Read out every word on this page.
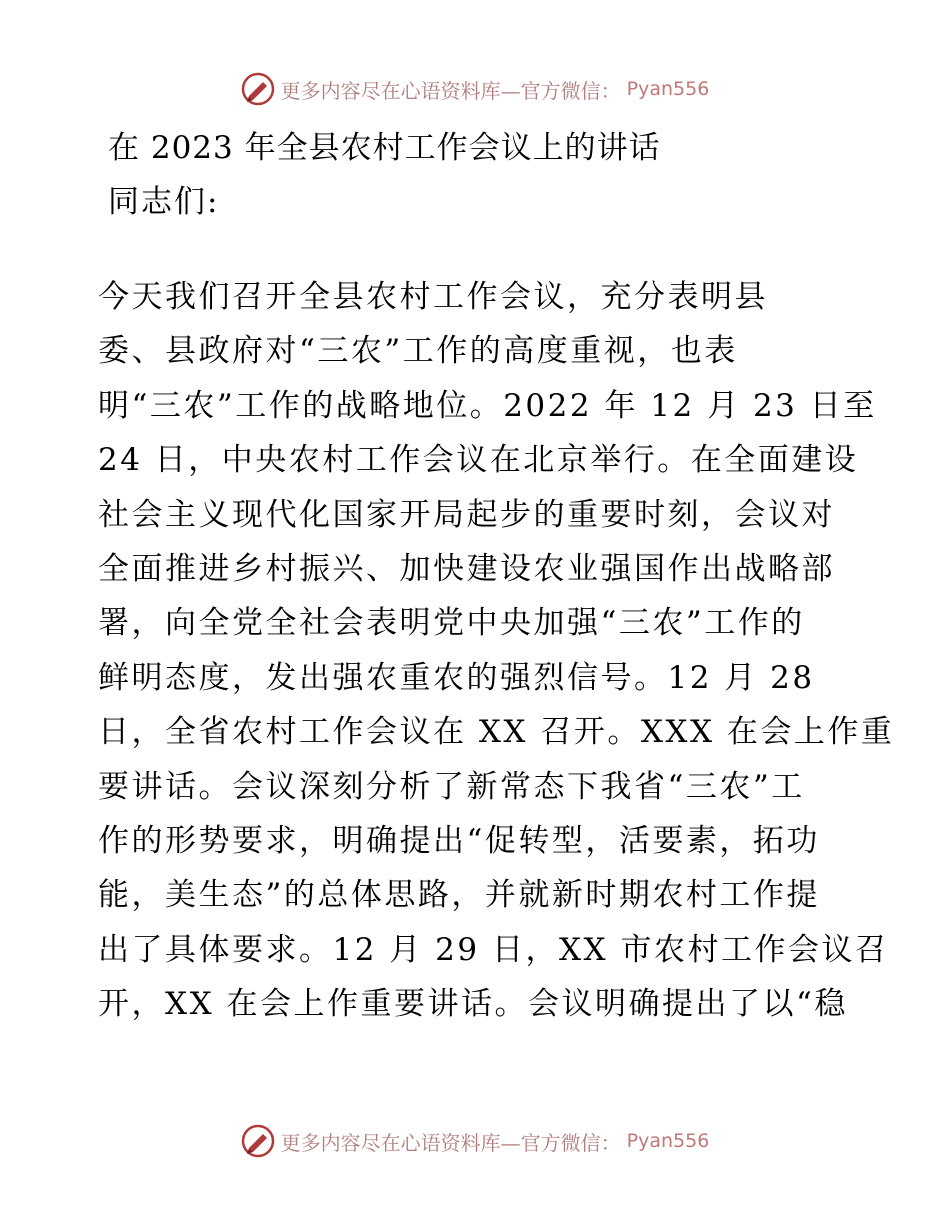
更多内容尽在心语资料库—官方微信： Pyan556
在 2023 年全县农村工作会议上的讲话
同志们:
今天我们召开全县农村工作会议，充分表明县
委、县政府对“三农”工作的高度重视，也表
明“三农”工作的战略地位。2022 年 12 月 23 日至
24 日，中央农村工作会议在北京举行。在全面建设
社会主义现代化国家开局起步的重要时刻，会议对
全面推进乡村振兴、加快建设农业强国作出战略部
署，向全党全社会表明党中央加强“三农”工作的
鲜明态度，发出强农重农的强烈信号。12 月 28
日，全省农村工作会议在 XX 召开。XXX 在会上作重
要讲话。会议深刻分析了新常态下我省“三农”工
作的形势要求，明确提出“促转型，活要素，拓功
能，美生态”的总体思路，并就新时期农村工作提
出了具体要求。12 月 29 日，XX 市农村工作会议召
开，XX 在会上作重要讲话。会议明确提出了以“稳
更多内容尽在心语资料库—官方微信： Pyan556
